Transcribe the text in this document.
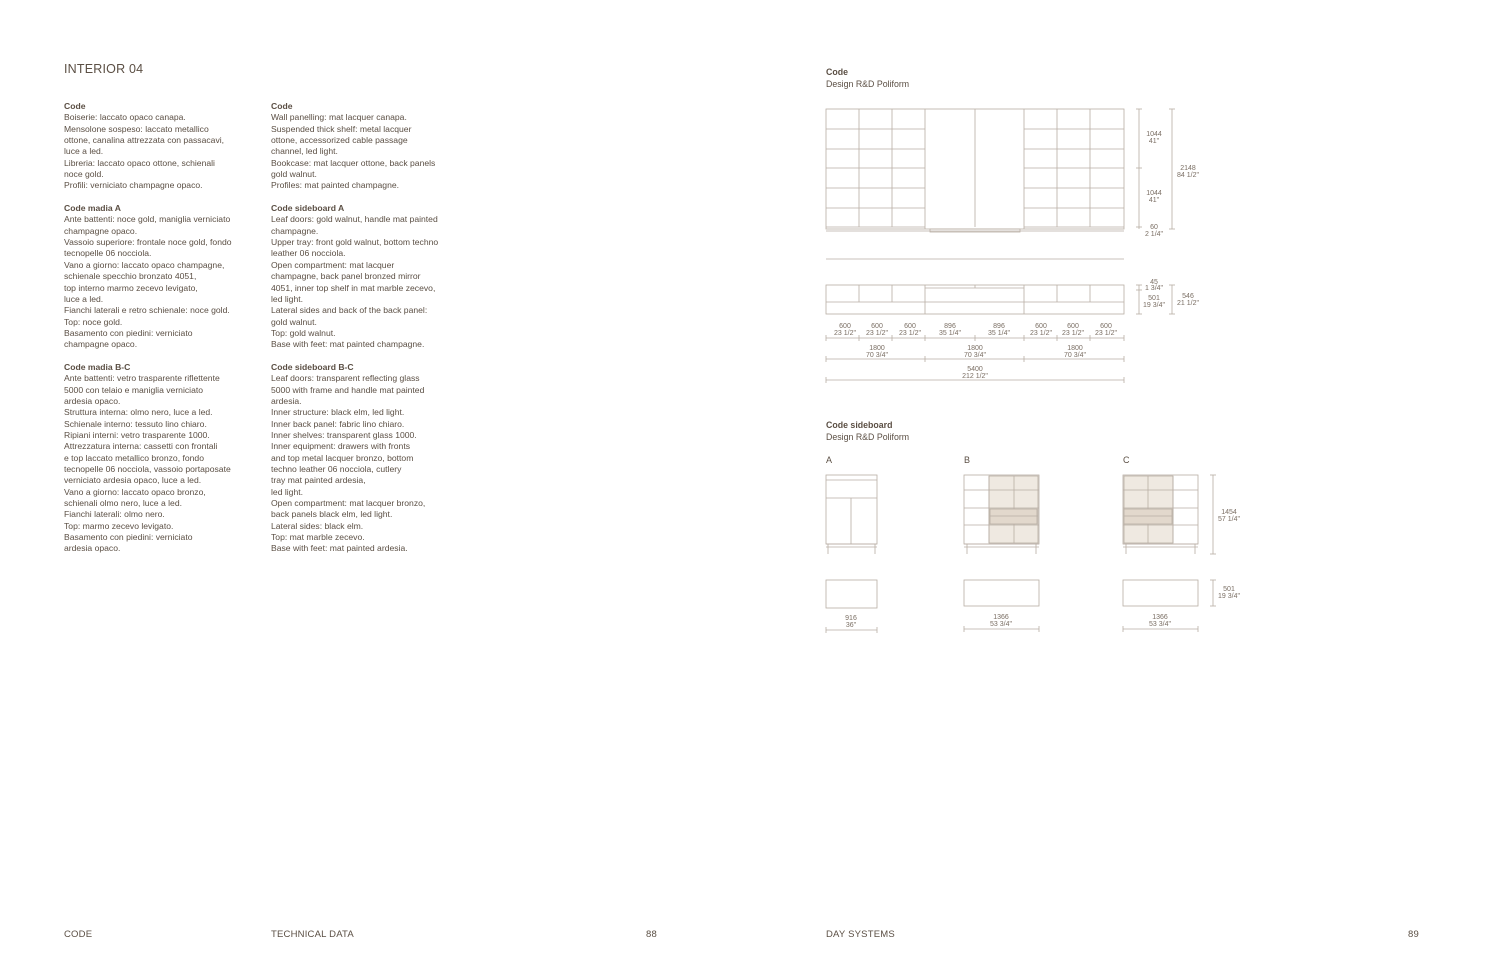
INTERIOR 04
Code
Boiserie: laccato opaco canapa.
Mensolone sospeso: laccato metallico
ottone, canalina attrezzata con passacavi,
luce a led.
Libreria: laccato opaco ottone, schienali
noce gold.
Profili: verniciato champagne opaco.
Code madia A
Ante battenti: noce gold, maniglia verniciato
champagne opaco.
Vassoio superiore: frontale noce gold, fondo
tecnopelle 06 nocciola.
Vano a giorno: laccato opaco champagne,
schienale specchio bronzato 4051,
top interno marmo zecevo levigato,
luce a led.
Fianchi laterali e retro schienale: noce gold.
Top: noce gold.
Basamento con piedini: verniciato
champagne opaco.
Code madia B-C
Ante battenti: vetro trasparente riflettente
5000 con telaio e maniglia verniciato
ardesia opaco.
Struttura interna: olmo nero, luce a led.
Schienale interno: tessuto lino chiaro.
Ripiani interni: vetro trasparente 1000.
Attrezzatura interna: cassetti con frontali
e top laccato metallico bronzo, fondo
tecnopelle 06 nocciola, vassoio portaposate
verniciato ardesia opaco, luce a led.
Vano a giorno: laccato opaco bronzo,
schienali olmo nero, luce a led.
Fianchi laterali: olmo nero.
Top: marmo zecevo levigato.
Basamento con piedini: verniciato
ardesia opaco.
Code
Wall panelling: mat lacquer canapa.
Suspended thick shelf: metal lacquer
ottone, accessorized cable passage
channel, led light.
Bookcase: mat lacquer ottone, back panels
gold walnut.
Profiles: mat painted champagne.
Code sideboard A
Leaf doors: gold walnut, handle mat painted
champagne.
Upper tray: front gold walnut, bottom techno
leather 06 nocciola.
Open compartment: mat lacquer
champagne, back panel bronzed mirror
4051, inner top shelf in mat marble zecevo,
led light.
Lateral sides and back of the back panel:
gold walnut.
Top: gold walnut.
Base with feet: mat painted champagne.
Code sideboard B-C
Leaf doors: transparent reflecting glass
5000 with frame and handle mat painted
ardesia.
Inner structure: black elm, led light.
Inner back panel: fabric lino chiaro.
Inner shelves: transparent glass 1000.
Inner equipment: drawers with fronts
and top metal lacquer bronzo, bottom
techno leather 06 nocciola, cutlery
tray mat painted ardesia,
led light.
Open compartment: mat lacquer bronzo,
back panels black elm, led light.
Lateral sides: black elm.
Top: mat marble zecevo.
Base with feet: mat painted ardesia.
Code
Design R&D Poliform
Code sideboard
Design R&D Poliform
A	B	C
1044
41"
1044
41"
60
2 1/4"
2148
84 1/2"
45
1 3/4"
501
19 3/4"
546
21 1/2"
600
23 1/2"
600
23 1/2"
600
23 1/2"
896
35 1/4"
896
35 1/4"
600
23 1/2"
600
23 1/2"
600
23 1/2"
1800
70 3/4"
1800
70 3/4"
1800
70 3/4"
5400
212 1/2"
1454
57 1/4"
501
19 3/4"
916
36"
1366
53 3/4"
1366
53 3/4"
CODE	TECHNICAL DATA	88	DAY SYSTEMS	89
